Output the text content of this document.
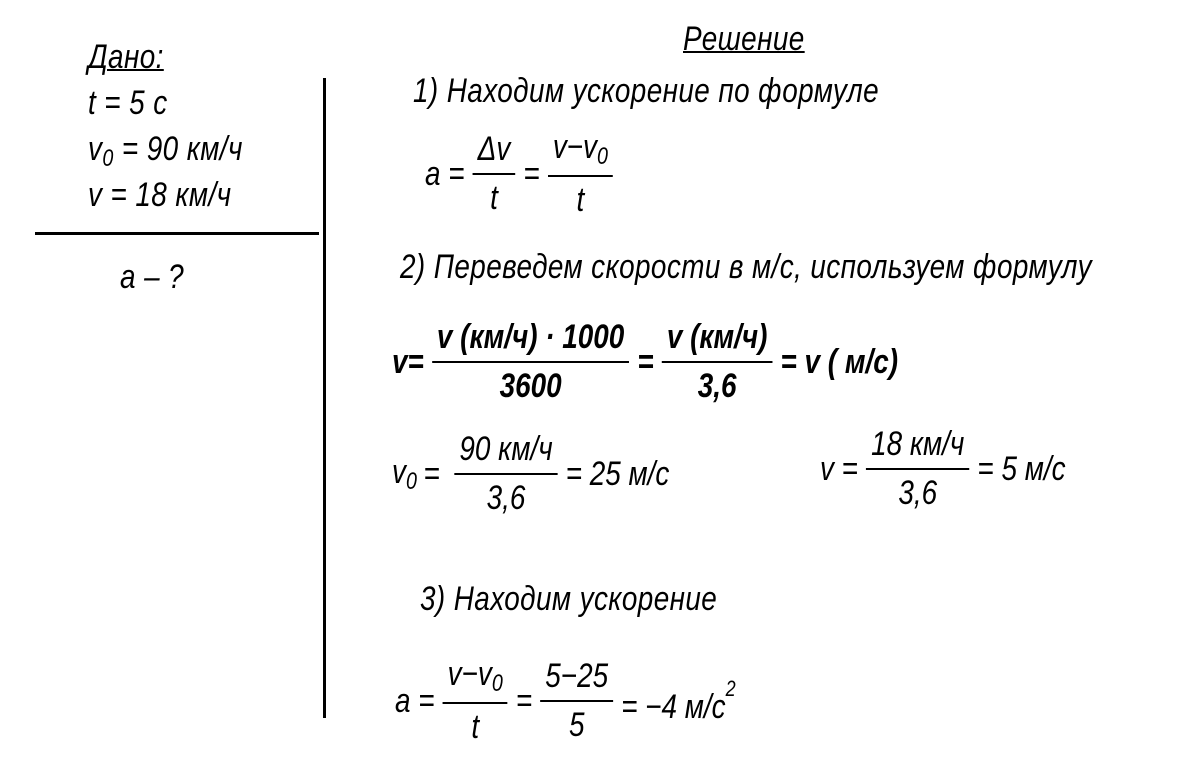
Дано:
t = 5 c
$v_0 = 90$ км/ч
v = 18 км/ч
a – ?
Решение
1) Находим ускорение по формуле
$a = \frac{\Delta v}{t} = \frac{v-v_0}{t}$
2) Переведем скорости в м/с, используем формулу
$v= \frac{v (км/ч) \cdot 1000}{3600} = \frac{v (км/ч)}{3,6} = v$ ( м/с)
$v_0 = \frac{90 км/ч}{3,6} = 25$ м/с	$v = \frac{18 км/ч}{3,6} = 5$ м/с
3) Находим ускорение
$a = \frac{v-v_0}{t} = \frac{5-25}{5} = -4$ $м/с^2$
